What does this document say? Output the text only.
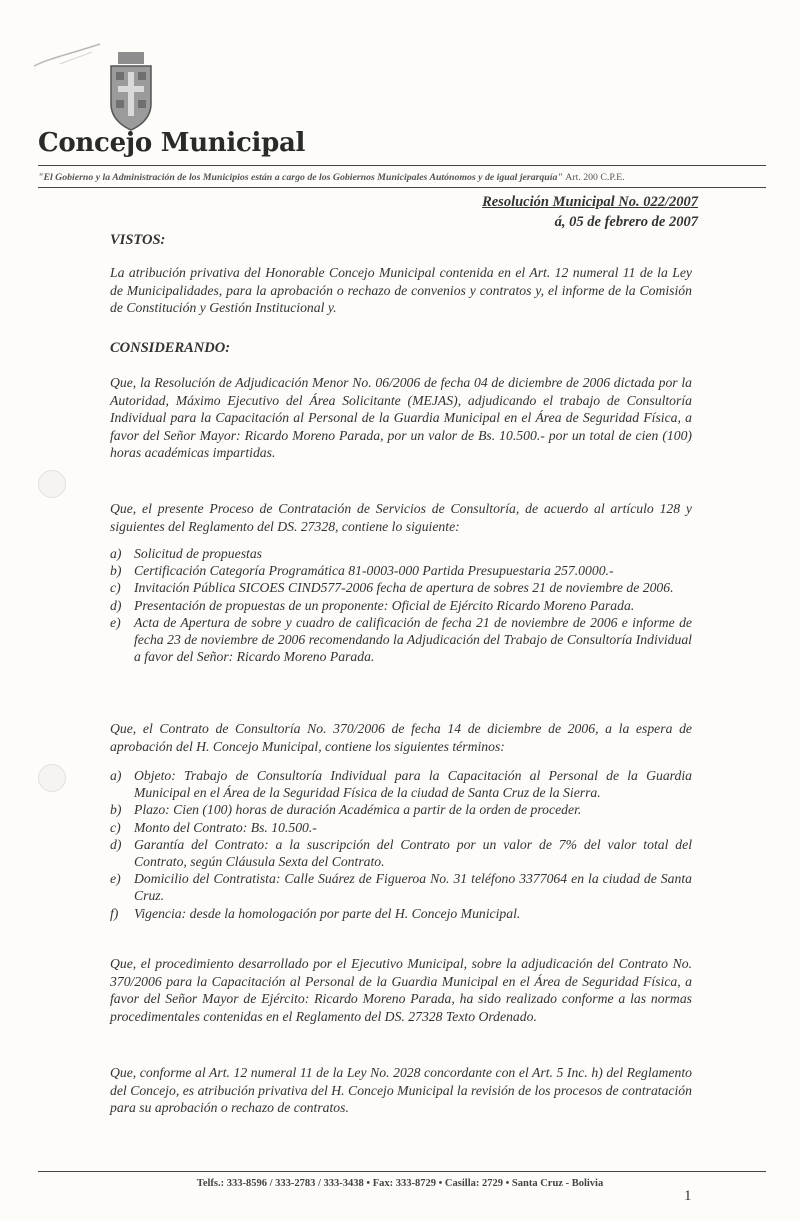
Concejo Municipal

"El Gobierno y la Administración de los Municipios están a cargo de los Gobiernos Municipales Autónomos y de igual jerarquía" Art. 200 C.P.E.

Resolución Municipal No. 022/2007
á, 05 de febrero de 2007
VISTOS:

La atribución privativa del Honorable Concejo Municipal contenida en el Art. 12 numeral 11 de la Ley de Municipalidades, para la aprobación o rechazo de convenios y contratos y, el informe de la Comisión de Constitución y Gestión Institucional y.

CONSIDERANDO:

Que, la Resolución de Adjudicación Menor No. 06/2006 de fecha 04 de diciembre de 2006 dictada por la Autoridad, Máximo Ejecutivo del Área Solicitante (MEJAS), adjudicando el trabajo de Consultoría Individual para la Capacitación al Personal de la Guardia Municipal en el Área de Seguridad Física, a favor del Señor Mayor: Ricardo Moreno Parada, por un valor de Bs. 10.500.- por un total de cien (100) horas académicas impartidas.

Que, el presente Proceso de Contratación de Servicios de Consultoría, de acuerdo al artículo 128 y siguientes del Reglamento del DS. 27328, contiene lo siguiente:

a) Solicitud de propuestas
b) Certificación Categoría Programática 81-0003-000 Partida Presupuestaria 257.0000.-
c) Invitación Pública SICOES CIND577-2006 fecha de apertura de sobres 21 de noviembre de 2006.
d) Presentación de propuestas de un proponente: Oficial de Ejército Ricardo Moreno Parada.
e) Acta de Apertura de sobre y cuadro de calificación de fecha 21 de noviembre de 2006 e informe de fecha 23 de noviembre de 2006 recomendando la Adjudicación del Trabajo de Consultoría Individual a favor del Señor: Ricardo Moreno Parada.

Que, el Contrato de Consultoría No. 370/2006 de fecha 14 de diciembre de 2006, a la espera de aprobación del H. Concejo Municipal, contiene los siguientes términos:

a) Objeto: Trabajo de Consultoría Individual para la Capacitación al Personal de la Guardia Municipal en el Área de la Seguridad Física de la ciudad de Santa Cruz de la Sierra.
b) Plazo: Cien (100) horas de duración Académica a partir de la orden de proceder.
c) Monto del Contrato: Bs. 10.500.-
d) Garantía del Contrato: a la suscripción del Contrato por un valor de 7% del valor total del Contrato, según Cláusula Sexta del Contrato.
e) Domicilio del Contratista: Calle Suárez de Figueroa No. 31 teléfono 3377064 en la ciudad de Santa Cruz.
f)	Vigencia: desde la homologación por parte del H. Concejo Municipal.

Que, el procedimiento desarrollado por el Ejecutivo Municipal, sobre la adjudicación del Contrato No. 370/2006 para la Capacitación al Personal de la Guardia Municipal en el Área de Seguridad Física, a favor del Señor Mayor de Ejército: Ricardo Moreno Parada, ha sido realizado conforme a las normas procedimentales contenidas en el Reglamento del DS. 27328 Texto Ordenado.

Que, conforme al Art. 12 numeral 11 de la Ley No. 2028 concordante con el Art. 5 Inc. h) del Reglamento del Concejo, es atribución privativa del H. Concejo Municipal la revisión de los procesos de contratación para su aprobación o rechazo de contratos.

Telfs.: 333-8596 / 333-2783 / 333-3438 • Fax: 333-8729 • Casilla: 2729 • Santa Cruz - Bolivia

1
